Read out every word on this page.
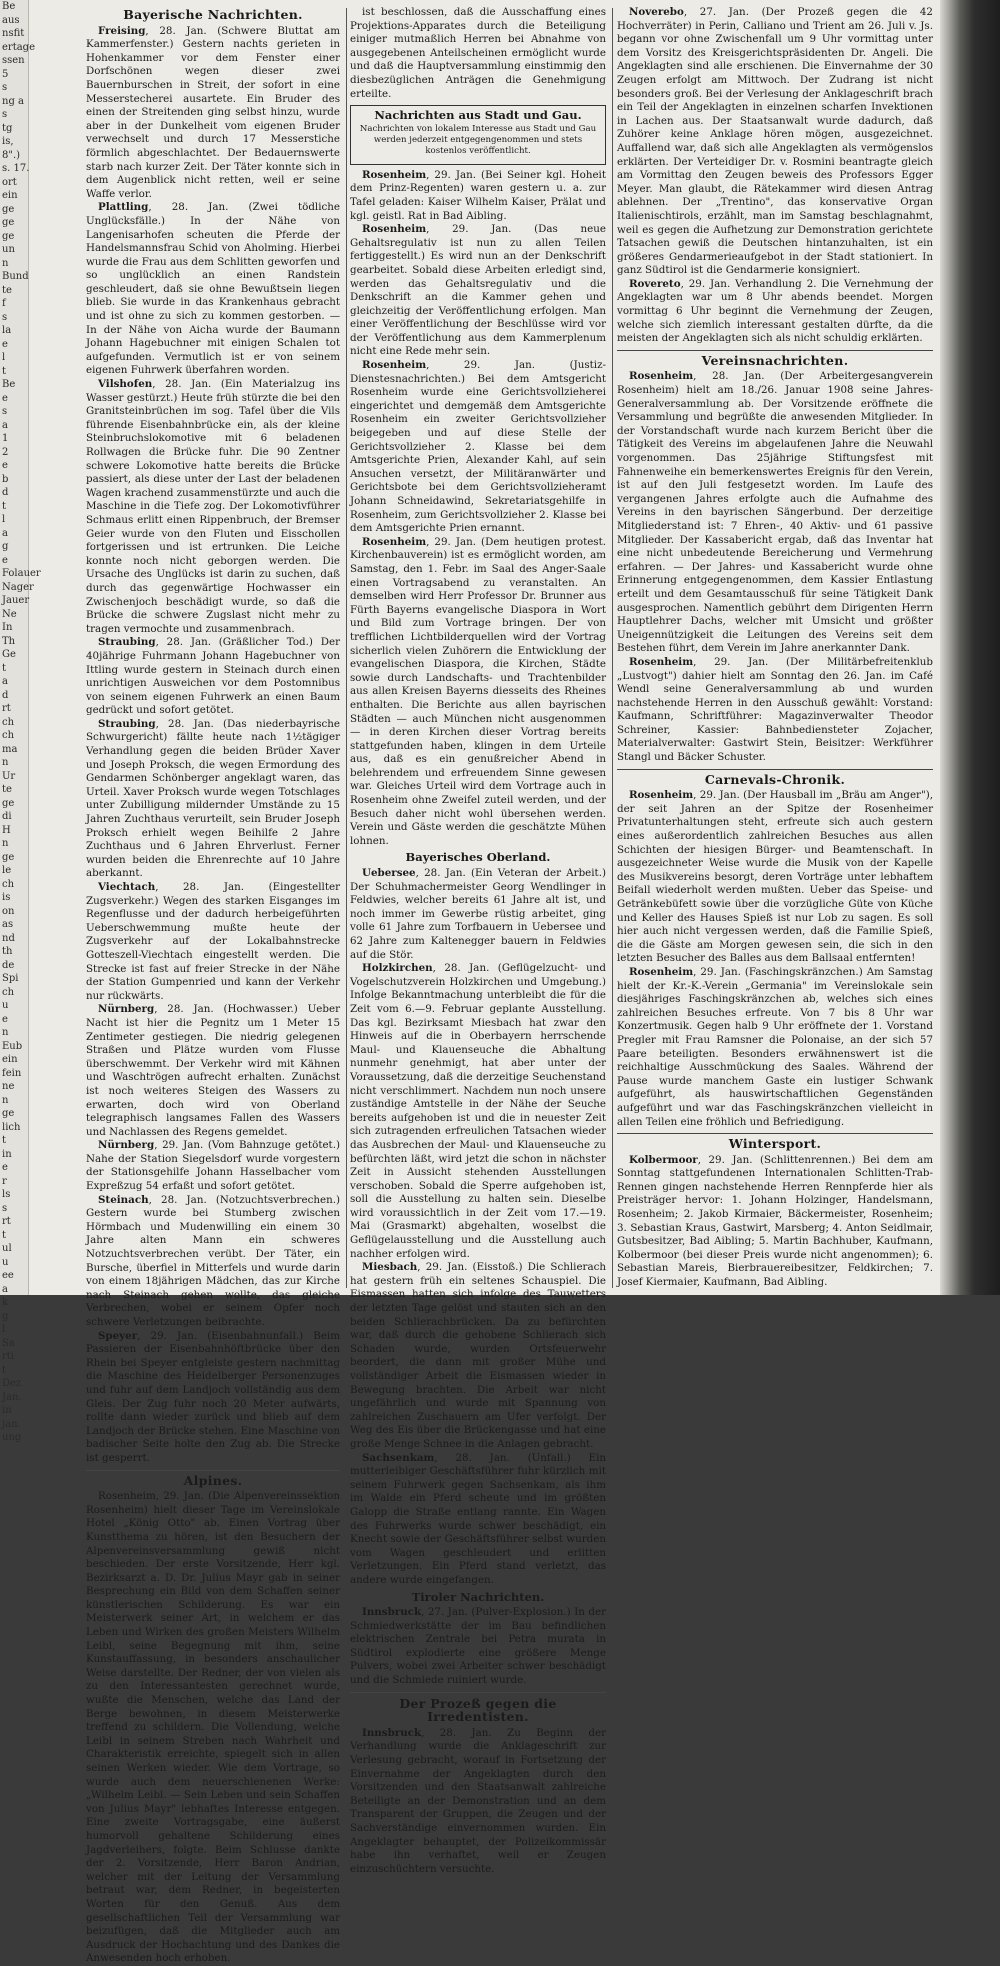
Be
aus
nsfit
ertage
ssen
5
s
ng a
s
tg
is,
8".)
s. 17.
ort
ein
ge
ge
ge
un
n
Bund
te
f
s
la
e
l
t
Be
e
s
a
1
2
e
b
d
t
l
a
g
e
Folauer
Nager
Jauer
Ne
In
Th
Ge
t
a
d
rt
ch
ch
ma
n
Ur
te
ge
di
H
n
ge
le
ch
is
on
as
nd
th
de
Spi
ch
u
e
n
Eub
ein
fein
ne
n
ge
lich
t
in
e
r
ls
s
rt
t
ul
u
ee
a
k
g
l
Sa
rti
t
Dez
Jan.
in
jan.
ung
Bayerische Nachrichten.

Freising, 28. Jan. (Schwere Bluttat am Kammerfenster.) Gestern nachts gerieten in Hohenkammer vor dem Fenster einer Dorfschönen wegen dieser zwei Bauernburschen in Streit, der sofort in eine Messerstecherei ausartete. Ein Bruder des einen der Streitenden ging selbst hinzu, wurde aber in der Dunkelheit vom eigenen Bruder verwechselt und durch 17 Messerstiche förmlich abgeschlachtet. Der Bedauernswerte starb nach kurzer Zeit. Der Täter konnte sich in dem Augenblick nicht retten, weil er seine Waffe verlor.

Plattling, 28. Jan. (Zwei tödliche Unglücksfälle.) In der Nähe von Langenisarhofen scheuten die Pferde der Handelsmannsfrau Schid von Aholming. Hierbei wurde die Frau aus dem Schlitten geworfen und so unglücklich an einen Randstein geschleudert, daß sie ohne Bewußtsein liegen blieb. Sie wurde in das Krankenhaus gebracht und ist ohne zu sich zu kommen gestorben. — In der Nähe von Aicha wurde der Baumann Johann Hagebuchner mit einigen Schalen tot aufgefunden. Vermutlich ist er von seinem eigenen Fuhrwerk überfahren worden.

Vilshofen, 28. Jan. (Ein Materialzug ins Wasser gestürzt.) Heute früh stürzte die bei den Granitsteinbrüchen im sog. Tafel über die Vils führende Eisenbahnbrücke ein, als der kleine Steinbruchslokomotive mit 6 beladenen Rollwagen die Brücke fuhr. Die 90 Zentner schwere Lokomotive hatte bereits die Brücke passiert, als diese unter der Last der beladenen Wagen krachend zusammenstürzte und auch die Maschine in die Tiefe zog. Der Lokomotivführer Schmaus erlitt einen Rippenbruch, der Bremser Geier wurde von den Fluten und Eisschollen fortgerissen und ist ertrunken. Die Leiche konnte noch nicht geborgen werden. Die Ursache des Unglücks ist darin zu suchen, daß durch das gegenwärtige Hochwasser ein Zwischenjoch beschädigt wurde, so daß die Brücke die schwere Zugslast nicht mehr zu tragen vermochte und zusammenbrach.

Straubing, 28. Jan. (Gräßlicher Tod.) Der 40jährige Fuhrmann Johann Hagebuchner von Ittling wurde gestern in Steinach durch einen unrichtigen Ausweichen vor dem Postomnibus von seinem eigenen Fuhrwerk an einen Baum gedrückt und sofort getötet.

Straubing, 28. Jan. (Das niederbayrische Schwurgericht) fällte heute nach 1½tägiger Verhandlung gegen die beiden Brüder Xaver und Joseph Proksch, die wegen Ermordung des Gendarmen Schönberger angeklagt waren, das Urteil. Xaver Proksch wurde wegen Totschlages unter Zubilligung mildernder Umstände zu 15 Jahren Zuchthaus verurteilt, sein Bruder Joseph Proksch erhielt wegen Beihilfe 2 Jahre Zuchthaus und 6 Jahren Ehrverlust. Ferner wurden beiden die Ehrenrechte auf 10 Jahre aberkannt.

Viechtach, 28. Jan. (Eingestellter Zugsverkehr.) Wegen des starken Eisganges im Regenflusse und der dadurch herbeigeführten Ueberschwemmung mußte heute der Zugsverkehr auf der Lokalbahnstrecke Gotteszell-Viechtach eingestellt werden. Die Strecke ist fast auf freier Strecke in der Nähe der Station Gumpenried und kann der Verkehr nur rückwärts.

Nürnberg, 28. Jan. (Hochwasser.) Ueber Nacht ist hier die Pegnitz um 1 Meter 15 Zentimeter gestiegen. Die niedrig gelegenen Straßen und Plätze wurden vom Flusse überschwemmt. Der Verkehr wird mit Kähnen und Waschtrögen aufrecht erhalten. Zunächst ist noch weiteres Steigen des Wassers zu erwarten, doch wird von Oberland telegraphisch langsames Fallen des Wassers und Nachlassen des Regens gemeldet.

Nürnberg, 29. Jan. (Vom Bahnzuge getötet.) Nahe der Station Siegelsdorf wurde vorgestern der Stationsgehilfe Johann Hasselbacher vom Expreßzug 54 erfaßt und sofort getötet.

Steinach, 28. Jan. (Notzuchtsverbrechen.) Gestern wurde bei Stumberg zwischen Hörmbach und Mudenwilling ein einem 30 Jahre alten Mann ein schweres Notzuchtsverbrechen verübt. Der Täter, ein Bursche, überfiel in Mitterfels und wurde darin von einem 18jährigen Mädchen, das zur Kirche nach Steinach gehen wollte, das gleiche Verbrechen, wobei er seinem Opfer noch schwere Verletzungen beibrachte.

Speyer, 29. Jan. (Eisenbahnunfall.) Beim Passieren der Eisenbahnhöftbrücke über den Rhein bei Speyer entgleiste gestern nachmittag die Maschine des Heidelberger Personenzuges und fuhr auf dem Landjoch vollständig aus dem Gleis. Der Zug fuhr noch 20 Meter aufwärts, rollte dann wieder zurück und blieb auf dem Landjoch der Brücke stehen. Eine Maschine von badischer Seite holte den Zug ab. Die Strecke ist gesperrt.

Alpines.

Rosenheim, 29. Jan. (Die Alpenvereinssektion Rosenheim) hielt dieser Tage im Vereinslokale Hotel „König Otto" ab. Einen Vortrag über Kunstthema zu hören, ist den Besuchern der Alpenvereinsversammlung gewiß nicht beschieden. Der erste Vorsitzende, Herr kgl. Bezirksarzt a. D. Dr. Julius Mayr gab in seiner Besprechung ein Bild von dem Schaffen seiner künstlerischen Schilderung. Es war ein Meisterwerk seiner Art, in welchem er das Leben und Wirken des großen Meisters Wilhelm Leibl, seine Begegnung mit ihm, seine Kunstauffassung, in besonders anschaulicher Weise darstellte. Der Redner, der von vielen als zu den Interessantesten gerechnet wurde, wußte die Menschen, welche das Land der Berge bewohnen, in diesem Meisterwerke treffend zu schildern. Die Vollendung, welche Leibl in seinem Streben nach Wahrheit und Charakteristik erreichte, spiegelt sich in allen seinen Werken wieder. Wie dem Vortrage, so wurde auch dem neuerschienenen Werke: „Wilhelm Leibl. — Sein Leben und sein Schaffen von Julius Mayr" lebhaftes Interesse entgegen. Eine zweite Vortragsgabe, eine äußerst humorvoll gehaltene Schilderung eines Jagdverleihers, folgte. Beim Schlusse dankte der 2. Vorsitzende, Herr Baron Andrian, welcher mit der Leitung der Versammlung betraut war, dem Redner, in begeisterten Worten für den Genuß. Aus dem gesellschaftlichen Teil der Versammlung war beizufügen, daß die Mitglieder auch am Ausdruck der Hochachtung und des Dankes die Anwesenden hoch erhoben.

ist beschlossen, daß die Ausschaffung eines Projektions-Apparates durch die Beteiligung einiger mutmaßlich Herren bei Abnahme von ausgegebenen Anteilscheinen ermöglicht wurde und daß die Hauptversammlung einstimmig den diesbezüglichen Anträgen die Genehmigung erteilte.

Nachrichten aus Stadt und Gau.

Nachrichten von lokalem Interesse aus Stadt und Gau werden jederzeit entgegengenommen und stets kostenlos veröffentlicht.

Rosenheim, 29. Jan. (Bei Seiner kgl. Hoheit dem Prinz-Regenten) waren gestern u. a. zur Tafel geladen: Kaiser Wilhelm Kaiser, Prälat und kgl. geistl. Rat in Bad Aibling.

Rosenheim, 29. Jan. (Das neue Gehaltsregulativ ist nun zu allen Teilen fertiggestellt.) Es wird nun an der Denkschrift gearbeitet. Sobald diese Arbeiten erledigt sind, werden das Gehaltsregulativ und die Denkschrift an die Kammer gehen und gleichzeitig der Veröffentlichung erfolgen. Man einer Veröffentlichung der Beschlüsse wird vor der Veröffentlichung aus dem Kammerplenum nicht eine Rede mehr sein.

Rosenheim, 29. Jan. (Justiz-Dienstesnachrichten.) Bei dem Amtsgericht Rosenheim wurde eine Gerichtsvollzieherei eingerichtet und demgemäß dem Amtsgerichte Rosenheim ein zweiter Gerichtsvollzieher beigegeben und auf diese Stelle der Gerichtsvollzieher 2. Klasse bei dem Amtsgerichte Prien, Alexander Kahl, auf sein Ansuchen versetzt, der Militäranwärter und Gerichtsbote bei dem Gerichtsvollzieheramt Johann Schneidawind, Sekretariatsgehilfe in Rosenheim, zum Gerichtsvollzieher 2. Klasse bei dem Amtsgerichte Prien ernannt.

Rosenheim, 29. Jan. (Dem heutigen protest. Kirchenbauverein) ist es ermöglicht worden, am Samstag, den 1. Febr. im Saal des Anger-Saale einen Vortragsabend zu veranstalten. An demselben wird Herr Professor Dr. Brunner aus Fürth Bayerns evangelische Diaspora in Wort und Bild zum Vortrage bringen. Der von trefflichen Lichtbilderquellen wird der Vortrag sicherlich vielen Zuhörern die Entwicklung der evangelischen Diaspora, die Kirchen, Städte sowie durch Landschafts- und Trachtenbilder aus allen Kreisen Bayerns diesseits des Rheines enthalten. Die Berichte aus allen bayrischen Städten — auch München nicht ausgenommen — in deren Kirchen dieser Vortrag bereits stattgefunden haben, klingen in dem Urteile aus, daß es ein genußreicher Abend in belehrendem und erfreuendem Sinne gewesen war. Gleiches Urteil wird dem Vortrage auch in Rosenheim ohne Zweifel zuteil werden, und der Besuch daher nicht wohl übersehen werden. Verein und Gäste werden die geschätzte Mühen lohnen.

Bayerisches Oberland.

Uebersee, 28. Jan. (Ein Veteran der Arbeit.) Der Schuhmachermeister Georg Wendlinger in Feldwies, welcher bereits 61 Jahre alt ist, und noch immer im Gewerbe rüstig arbeitet, ging volle 61 Jahre zum Torfbauern in Uebersee und 62 Jahre zum Kaltenegger bauern in Feldwies auf die Stör.

Holzkirchen, 28. Jan. (Geflügelzucht- und Vogelschutzverein Holzkirchen und Umgebung.) Infolge Bekanntmachung unterbleibt die für die Zeit vom 6.—9. Februar geplante Ausstellung. Das kgl. Bezirksamt Miesbach hat zwar den Hinweis auf die in Oberbayern herrschende Maul- und Klauenseuche die Abhaltung nunmehr genehmigt, hat aber unter der Voraussetzung, daß die derzeitige Seuchenstand nicht verschlimmert. Nachdem nun noch unsere zuständige Amtstelle in der Nähe der Seuche bereits aufgehoben ist und die in neuester Zeit sich zutragenden erfreulichen Tatsachen wieder das Ausbrechen der Maul- und Klauenseuche zu befürchten läßt, wird jetzt die schon in nächster Zeit in Aussicht stehenden Ausstellungen verschoben. Sobald die Sperre aufgehoben ist, soll die Ausstellung zu halten sein. Dieselbe wird voraussichtlich in der Zeit vom 17.—19. Mai (Grasmarkt) abgehalten, woselbst die Geflügelausstellung und die Ausstellung auch nachher erfolgen wird.

Miesbach, 29. Jan. (Eisstoß.) Die Schlierach hat gestern früh ein seltenes Schauspiel. Die Eismassen hatten sich infolge des Tauwetters der letzten Tage gelöst und stauten sich an den beiden Schlierachbrücken. Da zu befürchten war, daß durch die gehobene Schlierach sich Schaden wurde, wurden Ortsfeuerwehr beordert, die dann mit großer Mühe und vollständiger Arbeit die Eismassen wieder in Bewegung brachten. Die Arbeit war nicht ungefährlich und wurde mit Spannung von zahlreichen Zuschauern am Ufer verfolgt. Der Weg des Eis über die Brückengasse und hat eine große Menge Schnee in die Anlagen gebracht.

Sachsenkam, 28. Jan. (Unfall.) Ein mutterleibiger Geschäftsführer fuhr kürzlich mit seinem Fuhrwerk gegen Sachsenkam, als ihm im Walde ein Pferd scheute und im größten Galopp die Straße entlang rannte. Ein Wagen des Fuhrwerks wurde schwer beschädigt, ein Knecht sowie der Geschäftsführer selbst wurden vom Wagen geschleudert und erlitten Verletzungen. Ein Pferd stand verletzt, das andere wurde eingefangen.

Tiroler Nachrichten.

Innsbruck, 27. Jan. (Pulver-Explosion.) In der Schmiedwerkstätte der im Bau befindlichen elektrischen Zentrale bei Petra murata in Südtirol explodierte eine größere Menge Pulvers, wobei zwei Arbeiter schwer beschädigt und die Schmiede ruiniert wurde.

Der Prozeß gegen die Irredentisten.

Innsbruck, 28. Jan. Zu Beginn der Verhandlung wurde die Anklageschrift zur Verlesung gebracht, worauf in Fortsetzung der Einvernahme der Angeklagten durch den Vorsitzenden und den Staatsanwalt zahlreiche Beteiligte an der Demonstration und an dem Transparent der Gruppen, die Zeugen und der Sachverständige einvernommen wurden. Ein Angeklagter behauptet, der Polizeikommissär habe ihn verhaftet, weil er Zeugen einzuschüchtern versuchte.

Noverebo, 27. Jan. (Der Prozeß gegen die 42 Hochverräter) in Perin, Calliano und Trient am 26. Juli v. Js. begann vor ohne Zwischenfall um 9 Uhr vormittag unter dem Vorsitz des Kreisgerichtspräsidenten Dr. Angeli. Die Angeklagten sind alle erschienen. Die Einvernahme der 30 Zeugen erfolgt am Mittwoch. Der Zudrang ist nicht besonders groß. Bei der Verlesung der Anklageschrift brach ein Teil der Angeklagten in einzelnen scharfen Invektionen in Lachen aus. Der Staatsanwalt wurde dadurch, daß Zuhörer keine Anklage hören mögen, ausgezeichnet. Auffallend war, daß sich alle Angeklagten als vermögenslos erklärten. Der Verteidiger Dr. v. Rosmini beantragte gleich am Vormittag den Zeugen beweis des Professors Egger Meyer. Man glaubt, die Rätekammer wird diesen Antrag ablehnen. Der „Trentino", das konservative Organ Italienischtirols, erzählt, man im Samstag beschlagnahmt, weil es gegen die Aufhetzung zur Demonstration gerichtete Tatsachen gewiß die Deutschen hintanzuhalten, ist ein größeres Gendarmerieaufgebot in der Stadt stationiert. In ganz Südtirol ist die Gendarmerie konsigniert.

Rovereto, 29. Jan. Verhandlung 2. Die Vernehmung der Angeklagten war um 8 Uhr abends beendet. Morgen vormittag 6 Uhr beginnt die Vernehmung der Zeugen, welche sich ziemlich interessant gestalten dürfte, da die meisten der Angeklagten sich als nicht schuldig erklärten.

Vereinsnachrichten.

Rosenheim, 28. Jan. (Der Arbeitergesangverein Rosenheim) hielt am 18./26. Januar 1908 seine Jahres-Generalversammlung ab. Der Vorsitzende eröffnete die Versammlung und begrüßte die anwesenden Mitglieder. In der Vorstandschaft wurde nach kurzem Bericht über die Tätigkeit des Vereins im abgelaufenen Jahre die Neuwahl vorgenommen. Das 25jährige Stiftungsfest mit Fahnenweihe ein bemerkenswertes Ereignis für den Verein, ist auf den Juli festgesetzt worden. Im Laufe des vergangenen Jahres erfolgte auch die Aufnahme des Vereins in den bayrischen Sängerbund. Der derzeitige Mitgliederstand ist: 7 Ehren-, 40 Aktiv- und 61 passive Mitglieder. Der Kassabericht ergab, daß das Inventar hat eine nicht unbedeutende Bereicherung und Vermehrung erfahren. — Der Jahres- und Kassabericht wurde ohne Erinnerung entgegengenommen, dem Kassier Entlastung erteilt und dem Gesamtausschuß für seine Tätigkeit Dank ausgesprochen. Namentlich gebührt dem Dirigenten Herrn Hauptlehrer Dachs, welcher mit Umsicht und größter Uneigennützigkeit die Leitungen des Vereins seit dem Bestehen führt, dem Verein im Jahre anerkannter Dank.

Rosenheim, 29. Jan. (Der Militärbefreitenklub „Lustvogt") dahier hielt am Sonntag den 26. Jan. im Café Wendl seine Generalversammlung ab und wurden nachstehende Herren in den Ausschuß gewählt: Vorstand: Kaufmann, Schriftführer: Magazinverwalter Theodor Schreiner, Kassier: Bahnbediensteter Zojacher, Materialverwalter: Gastwirt Stein, Beisitzer: Werkführer Stangl und Bäcker Schuster.

Carnevals-Chronik.

Rosenheim, 29. Jan. (Der Hausball im „Bräu am Anger"), der seit Jahren an der Spitze der Rosenheimer Privatunterhaltungen steht, erfreute sich auch gestern eines außerordentlich zahlreichen Besuches aus allen Schichten der hiesigen Bürger- und Beamtenschaft. In ausgezeichneter Weise wurde die Musik von der Kapelle des Musikvereins besorgt, deren Vorträge unter lebhaftem Beifall wiederholt werden mußten. Ueber das Speise- und Getränkebüfett sowie über die vorzügliche Güte von Küche und Keller des Hauses Spieß ist nur Lob zu sagen. Es soll hier auch nicht vergessen werden, daß die Familie Spieß, die die Gäste am Morgen gewesen sein, die sich in den letzten Besucher des Balles aus dem Ballsaal entfernten!

Rosenheim, 29. Jan. (Faschingskränzchen.) Am Samstag hielt der Kr.-K.-Verein „Germania" im Vereinslokale sein diesjähriges Faschingskränzchen ab, welches sich eines zahlreichen Besuches erfreute. Von 7 bis 8 Uhr war Konzertmusik. Gegen halb 9 Uhr eröffnete der 1. Vorstand Pregler mit Frau Ramsner die Polonaise, an der sich 57 Paare beteiligten. Besonders erwähnenswert ist die reichhaltige Ausschmückung des Saales. Während der Pause wurde manchem Gaste ein lustiger Schwank aufgeführt, als hauswirtschaftlichen Gegenständen aufgeführt und war das Faschingskränzchen vielleicht in allen Teilen eine fröhlich und Befriedigung.

Wintersport.

Kolbermoor, 29. Jan. (Schlittenrennen.) Bei dem am Sonntag stattgefundenen Internationalen Schlitten-Trab-Rennen gingen nachstehende Herren Rennpferde hier als Preisträger hervor: 1. Johann Holzinger, Handelsmann, Rosenheim; 2. Jakob Kirmaier, Bäckermeister, Rosenheim; 3. Sebastian Kraus, Gastwirt, Marsberg; 4. Anton Seidlmair, Gutsbesitzer, Bad Aibling; 5. Martin Bachhuber, Kaufmann, Kolbermoor (bei dieser Preis wurde nicht angenommen); 6. Sebastian Mareis, Bierbrauereibesitzer, Feldkirchen; 7. Josef Kiermaier, Kaufmann, Bad Aibling.
